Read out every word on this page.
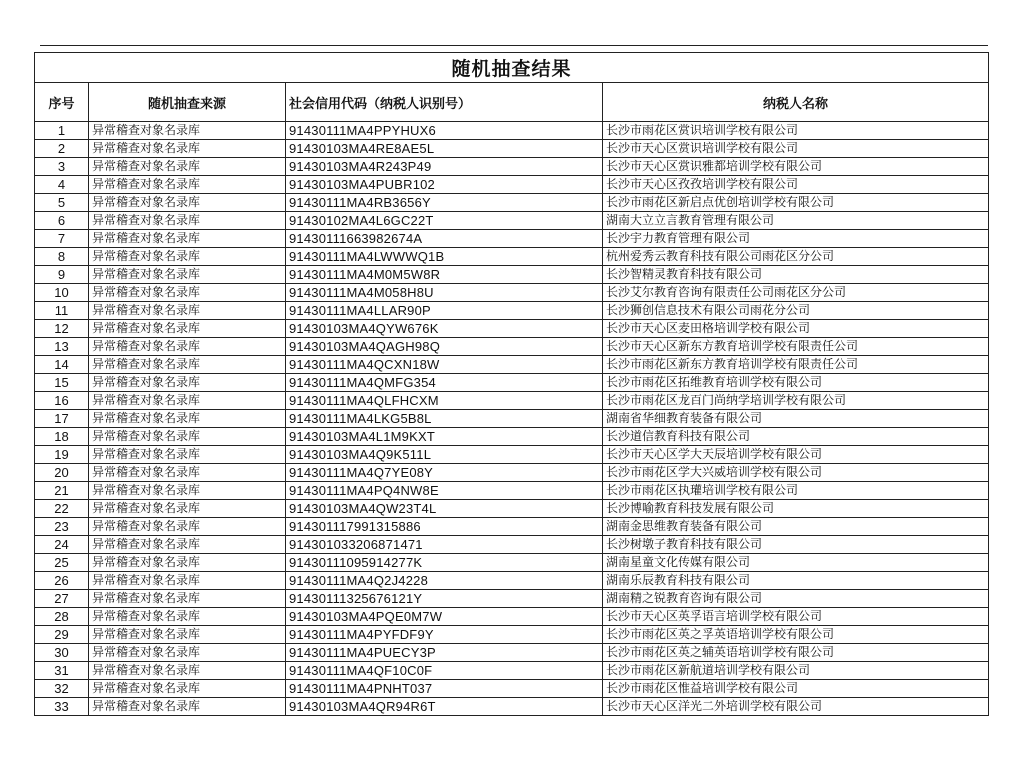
随机抽查结果			
序号	随机抽查来源	社会信用代码（纳税人识别号）	纳税人名称
1	异常稽查对象名录库	91430111MA4PPYHUX6	长沙市雨花区赏识培训学校有限公司
2	异常稽查对象名录库	91430103MA4RE8AE5L	长沙市天心区赏识培训学校有限公司
3	异常稽查对象名录库	91430103MA4R243P49	长沙市天心区赏识雅都培训学校有限公司
4	异常稽查对象名录库	91430103MA4PUBR102	长沙市天心区孜孜培训学校有限公司
5	异常稽查对象名录库	91430111MA4RB3656Y	长沙市雨花区新启点优创培训学校有限公司
6	异常稽查对象名录库	91430102MA4L6GC22T	湖南大立立言教育管理有限公司
7	异常稽查对象名录库	91430111663982674A	长沙宇力教育管理有限公司
8	异常稽查对象名录库	91430111MA4LWWWQ1B	杭州爱秀云教育科技有限公司雨花区分公司
9	异常稽查对象名录库	91430111MA4M0M5W8R	长沙智精灵教育科技有限公司
10	异常稽查对象名录库	91430111MA4M058H8U	长沙艾尔教育咨询有限责任公司雨花区分公司
11	异常稽查对象名录库	91430111MA4LLAR90P	长沙狮创信息技术有限公司雨花分公司
12	异常稽查对象名录库	91430103MA4QYW676K	长沙市天心区麦田格培训学校有限公司
13	异常稽查对象名录库	91430103MA4QAGH98Q	长沙市天心区新东方教育培训学校有限责任公司
14	异常稽查对象名录库	91430111MA4QCXN18W	长沙市雨花区新东方教育培训学校有限责任公司
15	异常稽查对象名录库	91430111MA4QMFG354	长沙市雨花区拓维教育培训学校有限公司
16	异常稽查对象名录库	91430111MA4QLFHCXM	长沙市雨花区龙百门尚纳学培训学校有限公司
17	异常稽查对象名录库	91430111MA4LKG5B8L	湖南省华细教育装备有限公司
18	异常稽查对象名录库	91430103MA4L1M9KXT	长沙道信教育科技有限公司
19	异常稽查对象名录库	91430103MA4Q9K511L	长沙市天心区学大天辰培训学校有限公司
20	异常稽查对象名录库	91430111MA4Q7YE08Y	长沙市雨花区学大兴威培训学校有限公司
21	异常稽查对象名录库	91430111MA4PQ4NW8E	长沙市雨花区执瓘培训学校有限公司
22	异常稽查对象名录库	91430103MA4QW23T4L	长沙博喻教育科技发展有限公司
23	异常稽查对象名录库	914301117991315886	湖南金思维教育装备有限公司
24	异常稽查对象名录库	914301033206871471	长沙树墩子教育科技有限公司
25	异常稽查对象名录库	91430111095914277K	湖南星童文化传媒有限公司
26	异常稽查对象名录库	91430111MA4Q2J4228	湖南乐辰教育科技有限公司
27	异常稽查对象名录库	91430111325676121Y	湖南精之锐教育咨询有限公司
28	异常稽查对象名录库	91430103MA4PQE0M7W	长沙市天心区英孚语言培训学校有限公司
29	异常稽查对象名录库	91430111MA4PYFDF9Y	长沙市雨花区英之孚英语培训学校有限公司
30	异常稽查对象名录库	91430111MA4PUECY3P	长沙市雨花区英之辅英语培训学校有限公司
31	异常稽查对象名录库	91430111MA4QF10C0F	长沙市雨花区新航道培训学校有限公司
32	异常稽查对象名录库	91430111MA4PNHT037	长沙市雨花区惟益培训学校有限公司
33	异常稽查对象名录库	91430103MA4QR94R6T	长沙市天心区洋光二外培训学校有限公司
